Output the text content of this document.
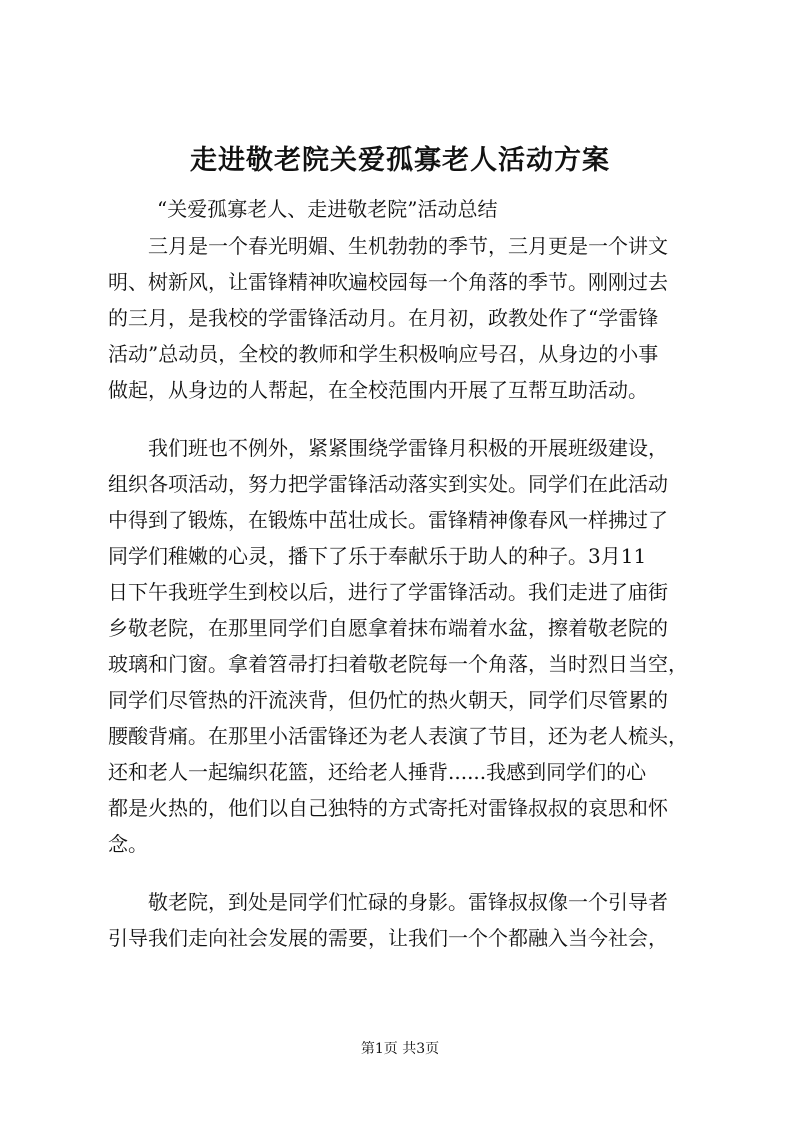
走进敬老院关爱孤寡老人活动方案

“关爱孤寡老人、走进敬老院”活动总结

　　三月是一个春光明媚、生机勃勃的季节，三月更是一个讲文

明、树新风，让雷锋精神吹遍校园每一个角落的季节。刚刚过去

的三月，是我校的学雷锋活动月。在月初，政教处作了“学雷锋

活动”总动员，全校的教师和学生积极响应号召，从身边的小事

做起，从身边的人帮起，在全校范围内开展了互帮互助活动。

　　我们班也不例外，紧紧围绕学雷锋月积极的开展班级建设，

组织各项活动，努力把学雷锋活动落实到实处。同学们在此活动

中得到了锻炼，在锻炼中茁壮成长。雷锋精神像春风一样拂过了

同学们稚嫩的心灵，播下了乐于奉献乐于助人的种子。3月11

日下午我班学生到校以后，进行了学雷锋活动。我们走进了庙街

乡敬老院，在那里同学们自愿拿着抹布端着水盆，擦着敬老院的

玻璃和门窗。拿着笤帚打扫着敬老院每一个角落，当时烈日当空，

同学们尽管热的汗流浃背，但仍忙的热火朝天，同学们尽管累的

腰酸背痛。在那里小活雷锋还为老人表演了节目，还为老人梳头，

还和老人一起编织花篮，还给老人捶背......我感到同学们的心

都是火热的，他们以自己独特的方式寄托对雷锋叔叔的哀思和怀

念。

　　敬老院，到处是同学们忙碌的身影。雷锋叔叔像一个引导者

引导我们走向社会发展的需要，让我们一个个都融入当今社会，

第1页 共3页
